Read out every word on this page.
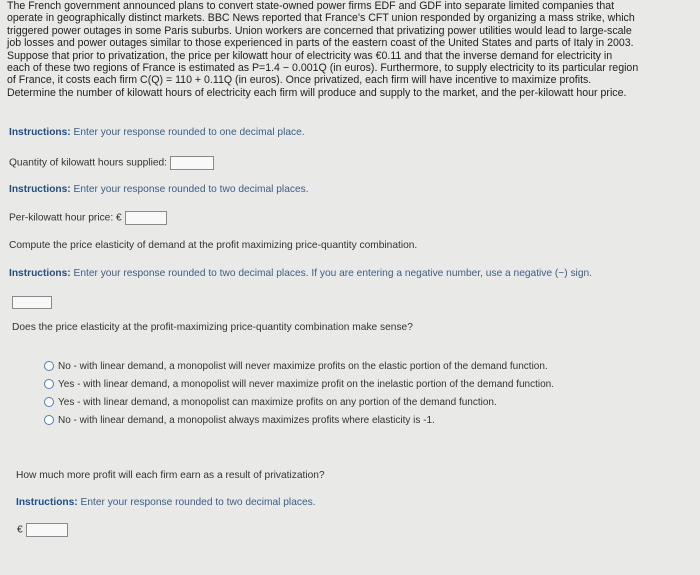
The French government announced plans to convert state-owned power firms EDF and GDF into separate limited companies that
operate in geographically distinct markets. BBC News reported that France's CFT union responded by organizing a mass strike, which
triggered power outages in some Paris suburbs. Union workers are concerned that privatizing power utilities would lead to large-scale
job losses and power outages similar to those experienced in parts of the eastern coast of the United States and parts of Italy in 2003.
Suppose that prior to privatization, the price per kilowatt hour of electricity was €0.11 and that the inverse demand for electricity in
each of these two regions of France is estimated as P=1.4 − 0.001Q (in euros). Furthermore, to supply electricity to its particular region
of France, it costs each firm C(Q) = 110 + 0.11Q (in euros). Once privatized, each firm will have incentive to maximize profits.
Determine the number of kilowatt hours of electricity each firm will produce and supply to the market, and the per-kilowatt hour price.
Instructions: Enter your response rounded to one decimal place.
Quantity of kilowatt hours supplied:
Instructions: Enter your response rounded to two decimal places.
Per-kilowatt hour price: €
Compute the price elasticity of demand at the profit maximizing price-quantity combination.
Instructions: Enter your response rounded to two decimal places. If you are entering a negative number, use a negative (−) sign.
Does the price elasticity at the profit-maximizing price-quantity combination make sense?
No - with linear demand, a monopolist will never maximize profits on the elastic portion of the demand function.
Yes - with linear demand, a monopolist will never maximize profit on the inelastic portion of the demand function.
Yes - with linear demand, a monopolist can maximize profits on any portion of the demand function.
No - with linear demand, a monopolist always maximizes profits where elasticity is -1.
How much more profit will each firm earn as a result of privatization?
Instructions: Enter your response rounded to two decimal places.
€
